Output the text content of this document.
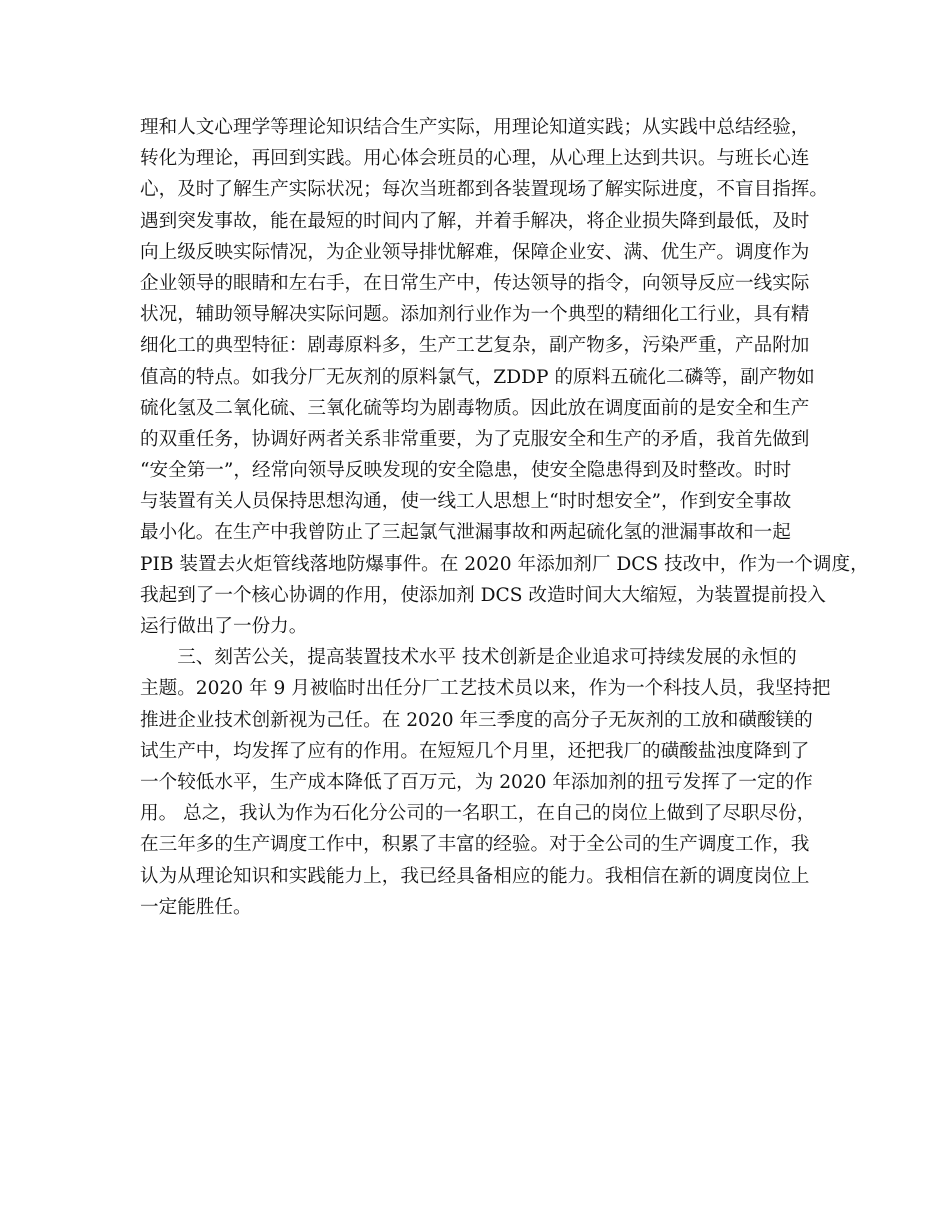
理和人文心理学等理论知识结合生产实际，用理论知道实践；从实践中总结经验，
转化为理论，再回到实践。用心体会班员的心理，从心理上达到共识。与班长心连
心，及时了解生产实际状况；每次当班都到各装置现场了解实际进度，不盲目指挥。
遇到突发事故，能在最短的时间内了解，并着手解决，将企业损失降到最低，及时
向上级反映实际情况，为企业领导排忧解难，保障企业安、满、优生产。调度作为
企业领导的眼睛和左右手，在日常生产中，传达领导的指令，向领导反应一线实际
状况，辅助领导解决实际问题。添加剂行业作为一个典型的精细化工行业，具有精
细化工的典型特征：剧毒原料多，生产工艺复杂，副产物多，污染严重，产品附加
值高的特点。如我分厂无灰剂的原料氯气，ZDDP 的原料五硫化二磷等，副产物如
硫化氢及二氧化硫、三氧化硫等均为剧毒物质。因此放在调度面前的是安全和生产
的双重任务，协调好两者关系非常重要，为了克服安全和生产的矛盾，我首先做到
“安全第一”，经常向领导反映发现的安全隐患，使安全隐患得到及时整改。时时
与装置有关人员保持思想沟通，使一线工人思想上“时时想安全”，作到安全事故
最小化。在生产中我曾防止了三起氯气泄漏事故和两起硫化氢的泄漏事故和一起
PIB 装置去火炬管线落地防爆事件。在 2020 年添加剂厂 DCS 技改中，作为一个调度，
我起到了一个核心协调的作用，使添加剂 DCS 改造时间大大缩短，为装置提前投入
运行做出了一份力。
　　三、刻苦公关，提高装置技术水平 技术创新是企业追求可持续发展的永恒的
主题。2020 年 9 月被临时出任分厂工艺技术员以来，作为一个科技人员，我坚持把
推进企业技术创新视为己任。在 2020 年三季度的高分子无灰剂的工放和磺酸镁的
试生产中，均发挥了应有的作用。在短短几个月里，还把我厂的磺酸盐浊度降到了
一个较低水平，生产成本降低了百万元，为 2020 年添加剂的扭亏发挥了一定的作
用。 总之，我认为作为石化分公司的一名职工，在自己的岗位上做到了尽职尽份，
在三年多的生产调度工作中，积累了丰富的经验。对于全公司的生产调度工作，我
认为从理论知识和实践能力上，我已经具备相应的能力。我相信在新的调度岗位上
一定能胜任。
